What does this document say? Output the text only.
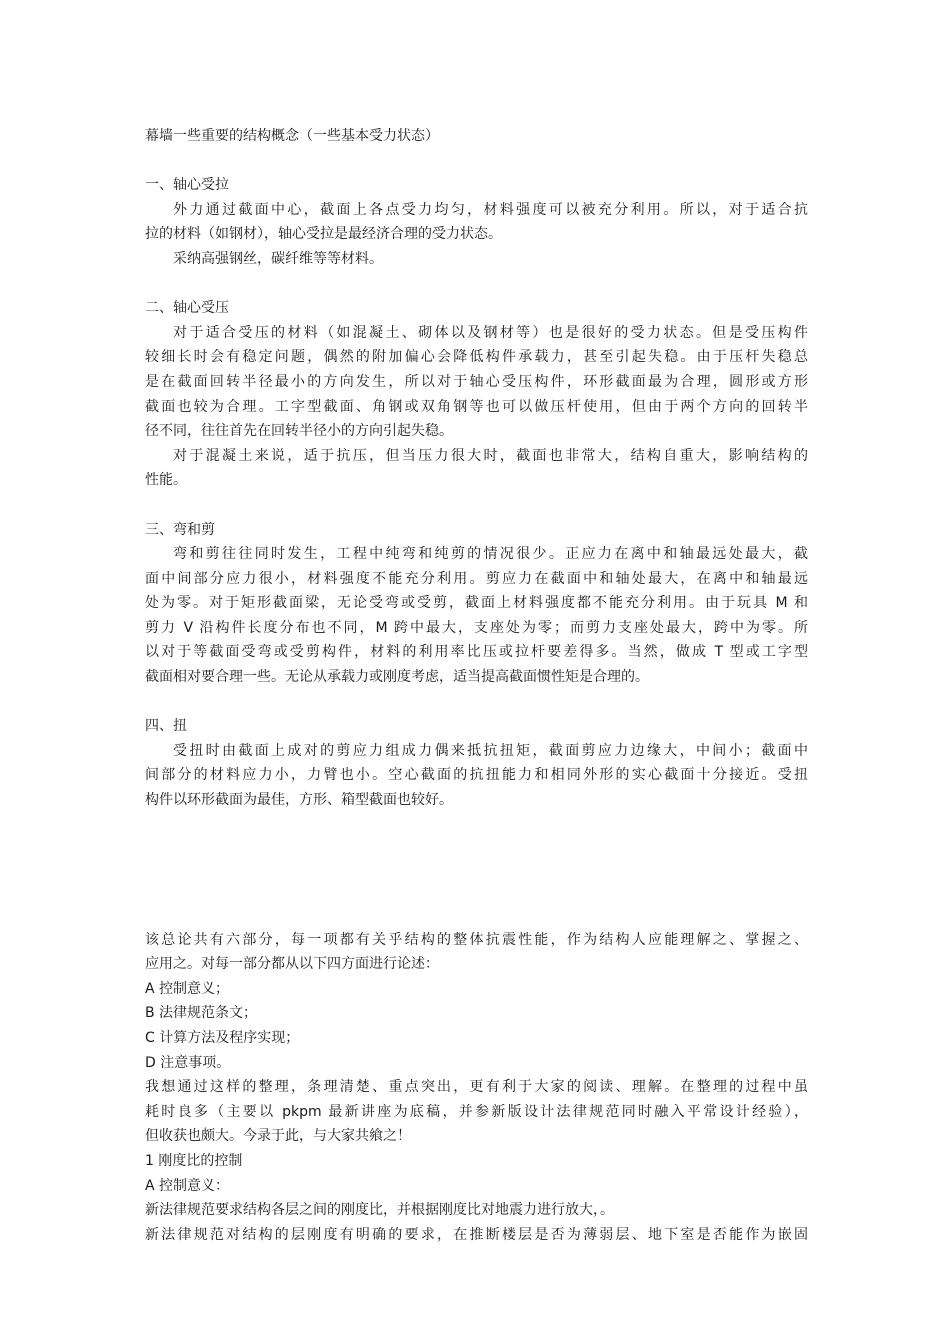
幕墙一些重要的结构概念（一些基本受力状态）
一、轴心受拉
外力通过截面中心，截面上各点受力均匀，材料强度可以被充分利用。所以，对于适合抗
拉的材料（如钢材），轴心受拉是最经济合理的受力状态。
采纳高强钢丝，碳纤维等等材料。
二、轴心受压
对于适合受压的材料（如混凝土、砌体以及钢材等）也是很好的受力状态。但是受压构件
较细长时会有稳定问题，偶然的附加偏心会降低构件承载力，甚至引起失稳。由于压杆失稳总
是在截面回转半径最小的方向发生，所以对于轴心受压构件，环形截面最为合理，圆形或方形
截面也较为合理。工字型截面、角钢或双角钢等也可以做压杆使用，但由于两个方向的回转半
径不同，往往首先在回转半径小的方向引起失稳。
对于混凝土来说，适于抗压，但当压力很大时，截面也非常大，结构自重大，影响结构的
性能。
三、弯和剪
弯和剪往往同时发生，工程中纯弯和纯剪的情况很少。正应力在离中和轴最远处最大，截
面中间部分应力很小，材料强度不能充分利用。剪应力在截面中和轴处最大，在离中和轴最远
处为零。对于矩形截面梁，无论受弯或受剪，截面上材料强度都不能充分利用。由于玩具 M 和
剪力 V 沿构件长度分布也不同，M 跨中最大，支座处为零；而剪力支座处最大，跨中为零。所
以对于等截面受弯或受剪构件，材料的利用率比压或拉杆要差得多。当然，做成 T 型或工字型
截面相对要合理一些。无论从承载力或刚度考虑，适当提高截面惯性矩是合理的。
四、扭
受扭时由截面上成对的剪应力组成力偶来抵抗扭矩，截面剪应力边缘大，中间小；截面中
间部分的材料应力小，力臂也小。空心截面的抗扭能力和相同外形的实心截面十分接近。受扭
构件以环形截面为最佳，方形、箱型截面也较好。
该总论共有六部分，每一项都有关乎结构的整体抗震性能，作为结构人应能理解之、掌握之、
应用之。对每一部分都从以下四方面进行论述：
A 控制意义；
B 法律规范条文；
C 计算方法及程序实现；
D 注意事项。
我想通过这样的整理，条理清楚、重点突出，更有利于大家的阅读、理解。在整理的过程中虽
耗时良多（主要以 pkpm 最新讲座为底稿，并参新版设计法律规范同时融入平常设计经验），
但收获也颇大。今录于此，与大家共飨之！
1 刚度比的控制
A 控制意义：
新法律规范要求结构各层之间的刚度比，并根据刚度比对地震力进行放大，。
新法律规范对结构的层刚度有明确的要求，在推断楼层是否为薄弱层、地下室是否能作为嵌固
